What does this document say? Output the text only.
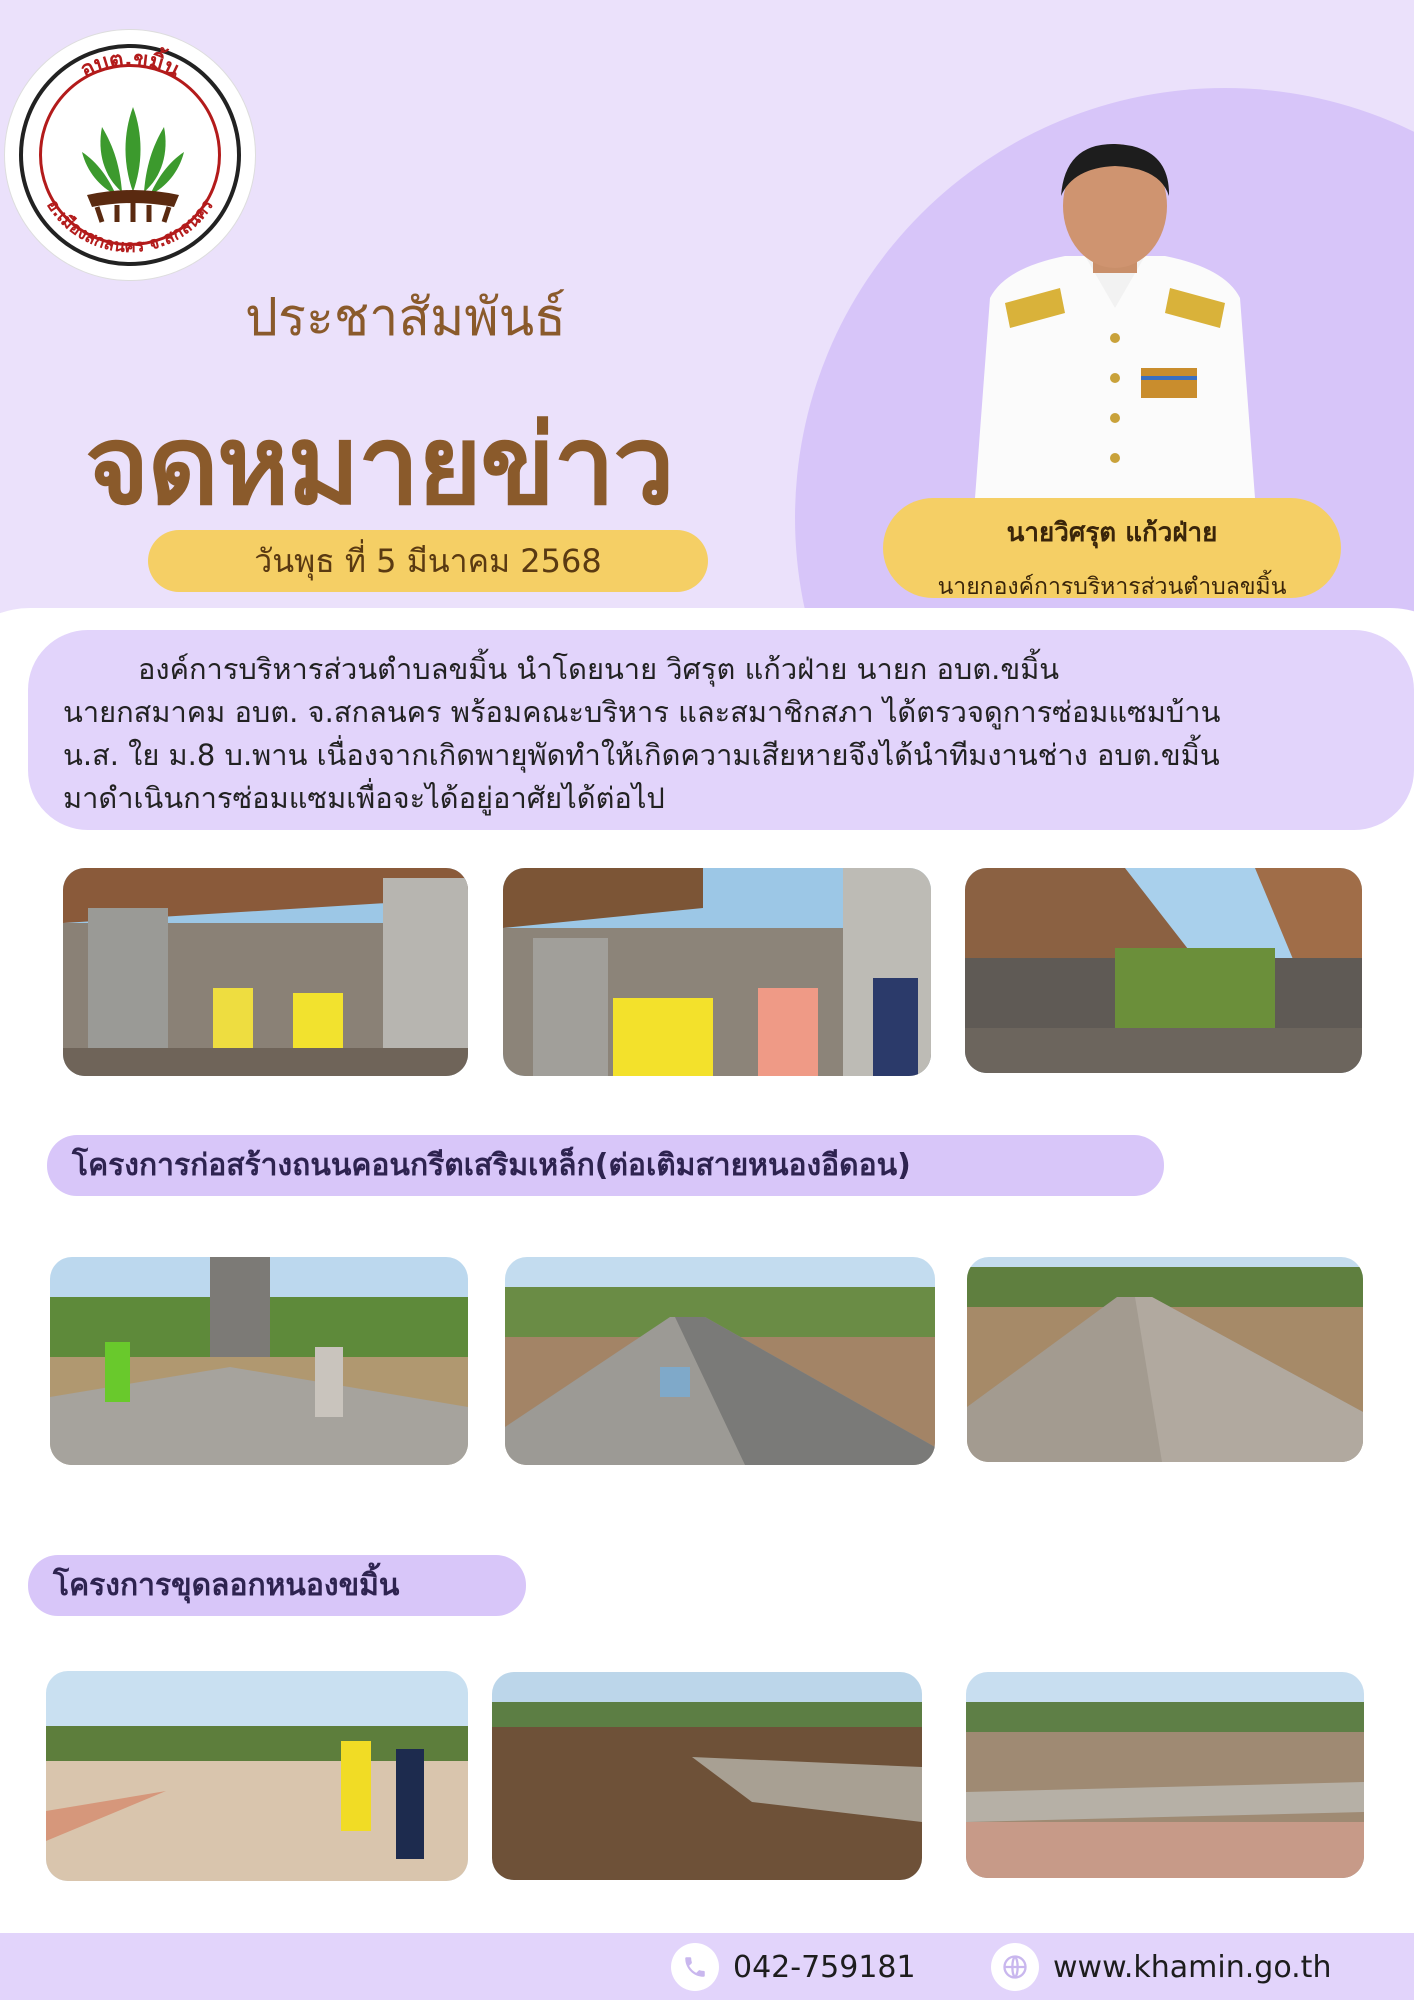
อบต.ขมิ้น
อ.เมืองสกลนคร จ.สกลนคร
ประชาสัมพันธ์
จดหมายข่าว
วันพุธ ที่ 5 มีนาคม 2568
นายวิศรุต แก้วฝ่าย
นายกองค์การบริหารส่วนตำบลขมิ้น

องค์การบริหารส่วนตำบลขมิ้น นำโดยนาย วิศรุต แก้วฝ่าย นายก อบต.ขมิ้น

นายกสมาคม อบต. จ.สกลนคร พร้อมคณะบริหาร และสมาชิกสภา ได้ตรวจดูการซ่อมแซมบ้าน

น.ส. ใย ม.8 บ.พาน เนื่องจากเกิดพายุพัดทำให้เกิดความเสียหายจึงได้นำทีมงานช่าง อบต.ขมิ้น

มาดำเนินการซ่อมแซมเพื่อจะได้อยู่อาศัยได้ต่อไป

โครงการก่อสร้างถนนคอนกรีตเสริมเหล็ก(ต่อเติมสายหนองอีดอน)
โครงการขุดลอกหนองขมิ้น
042-759181	www.khamin.go.th
